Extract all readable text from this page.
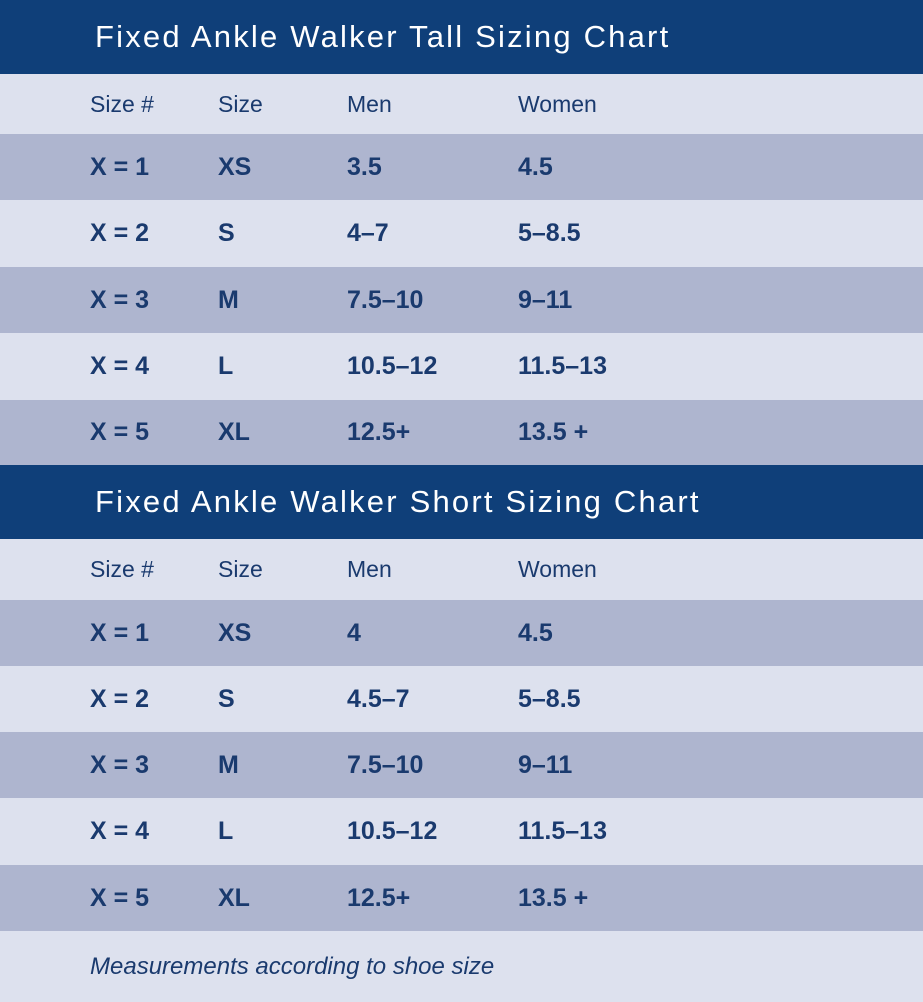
Fixed Ankle Walker Tall Sizing Chart
Size #	Size	Men	Women
X = 1	XS	3.5	4.5
X = 2	S	4–7	5–8.5
X = 3	M	7.5–10	9–11
X = 4	L	10.5–12	11.5–13
X = 5	XL	12.5+	13.5 +
Fixed Ankle Walker Short Sizing Chart
Size #	Size	Men	Women
X = 1	XS	4	4.5
X = 2	S	4.5–7	5–8.5
X = 3	M	7.5–10	9–11
X = 4	L	10.5–12	11.5–13
X = 5	XL	12.5+	13.5 +
Measurements according to shoe size
